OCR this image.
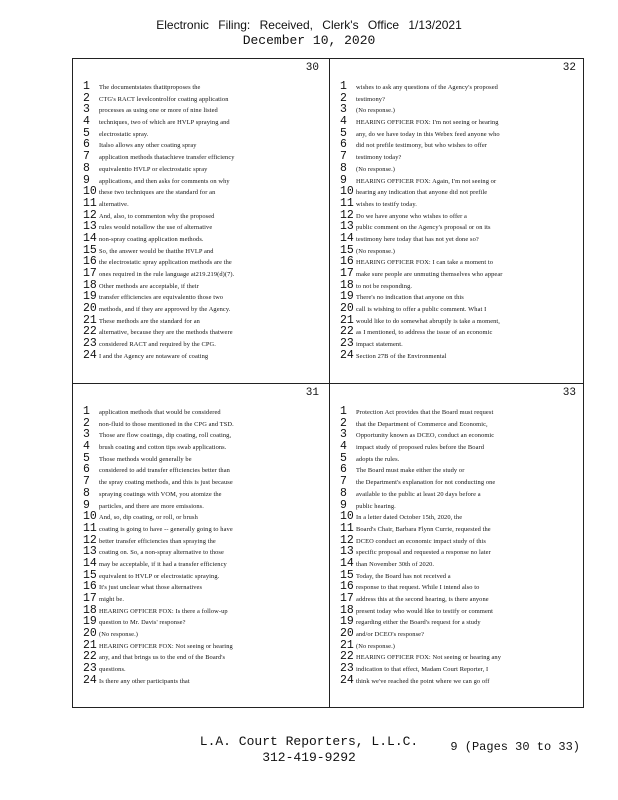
Electronic Filing: Received, Clerk's Office 1/13/2021
December 10, 2020
30
1	The documentstates thatitproposes the
2	CTG's RACT levelcontrolfor coating application
3	processes as using one or more of nine listed
4	techniques, two of which are HVLP spraying and
5	electrostatic spray.
6	Italso allows any other coating spray
7	application methods thatachieve transfer efficiency
8	equivalentto HVLP or electrostatic spray
9	applications, and then asks for comments on why
10 these two techniques are the standard for an
11 alternative.
12 And, also, to commenton why the proposed
13 rules would notallow the use of alternative
14 non-spray coating application methods.
15 So, the answer would be thatthe HVLP and
16 the electrostatic spray application methods are the
17 ones required in the rule language at219.219(d)(7).
18 Other methods are acceptable, if their
19 transfer efficiencies are equivalentto those two
20 methods, and if they are approved by the Agency.
21 These methods are the standard for an
22 alternative, because they are the methods thatwere
23 considered RACT and required by the CPG.
24 I and the Agency are notaware of coating
32
1	wishes to ask any questions of the Agency's proposed
2	testimony?
3	(No response.)
4	HEARING OFFICER FOX: I'm not seeing or hearing
5	any, do we have today in this Webex feed anyone who
6	did not prefile testimony, but who wishes to offer
7	testimony today?
8	(No response.)
9	HEARING OFFICER FOX: Again, I'm not seeing or
10 hearing any indication that anyone did not prefile
11 wishes to testify today.
12 Do we have anyone who wishes to offer a
13 public comment on the Agency's proposal or on its
14 testimony here today that has not yet done so?
15 (No response.)
16 HEARING OFFICER FOX: I can take a moment to
17 make sure people are unmuting themselves who appear
18 to not be responding.
19 There's no indication that anyone on this
20 call is wishing to offer a public comment. What I
21 would like to do somewhat abruptly is take a moment,
22 as I mentioned, to address the issue of an economic
23 impact statement.
24 Section 27B of the Environmental
31
1	application methods that would be considered
2	non-fluid to those mentioned in the CPG and TSD.
3	Those are flow coatings, dip coating, roll coating,
4	brush coating and cotton tips swab applications.
5	Those methods would generally be
6	considered to add transfer efficiencies better than
7	the spray coating methods, and this is just because
8	spraying coatings with VOM, you atomize the
9	particles, and there are more emissions.
10 And, so, dip coating, or roll, or brush
11 coating is going to have -- generally going to have
12 better transfer efficiencies than spraying the
13 coating on. So, a non-spray alternative to those
14 may be acceptable, if it had a transfer efficiency
15 equivalent to HVLP or electrostatic spraying.
16 It's just unclear what those alternatives
17 might be.
18 HEARING OFFICER FOX: Is there a follow-up
19 question to Mr. Davis' response?
20 (No response.)
21 HEARING OFFICER FOX: Not seeing or hearing
22 any, and that brings us to the end of the Board's
23 questions.
24 Is there any other participants that
33
1	Protection Act provides that the Board must request
2	that the Department of Commerce and Economic,
3	Opportunity known as DCEO, conduct an economic
4	impact study of proposed rules before the Board
5	adopts the rules.
6	The Board must make either the study or
7	the Department's explanation for not conducting one
8	available to the public at least 20 days before a
9	public hearing.
10 In a letter dated October 15th, 2020, the
11 Board's Chair, Barbara Flynn Currie, requested the
12 DCEO conduct an economic impact study of this
13 specific proposal and requested a response no later
14 than November 30th of 2020.
15 Today, the Board has not received a
16 response to that request. While I intend also to
17 address this at the second hearing, is there anyone
18 present today who would like to testify or comment
19 regarding either the Board's request for a study
20 and/or DCEO's response?
21 (No response.)
22 HEARING OFFICER FOX: Not seeing or hearing any
23 indication to that effect, Madam Court Reporter, I
24 think we've reached the point where we can go off
9 (Pages 30 to 33)
L.A. Court Reporters, L.L.C.
312-419-9292
